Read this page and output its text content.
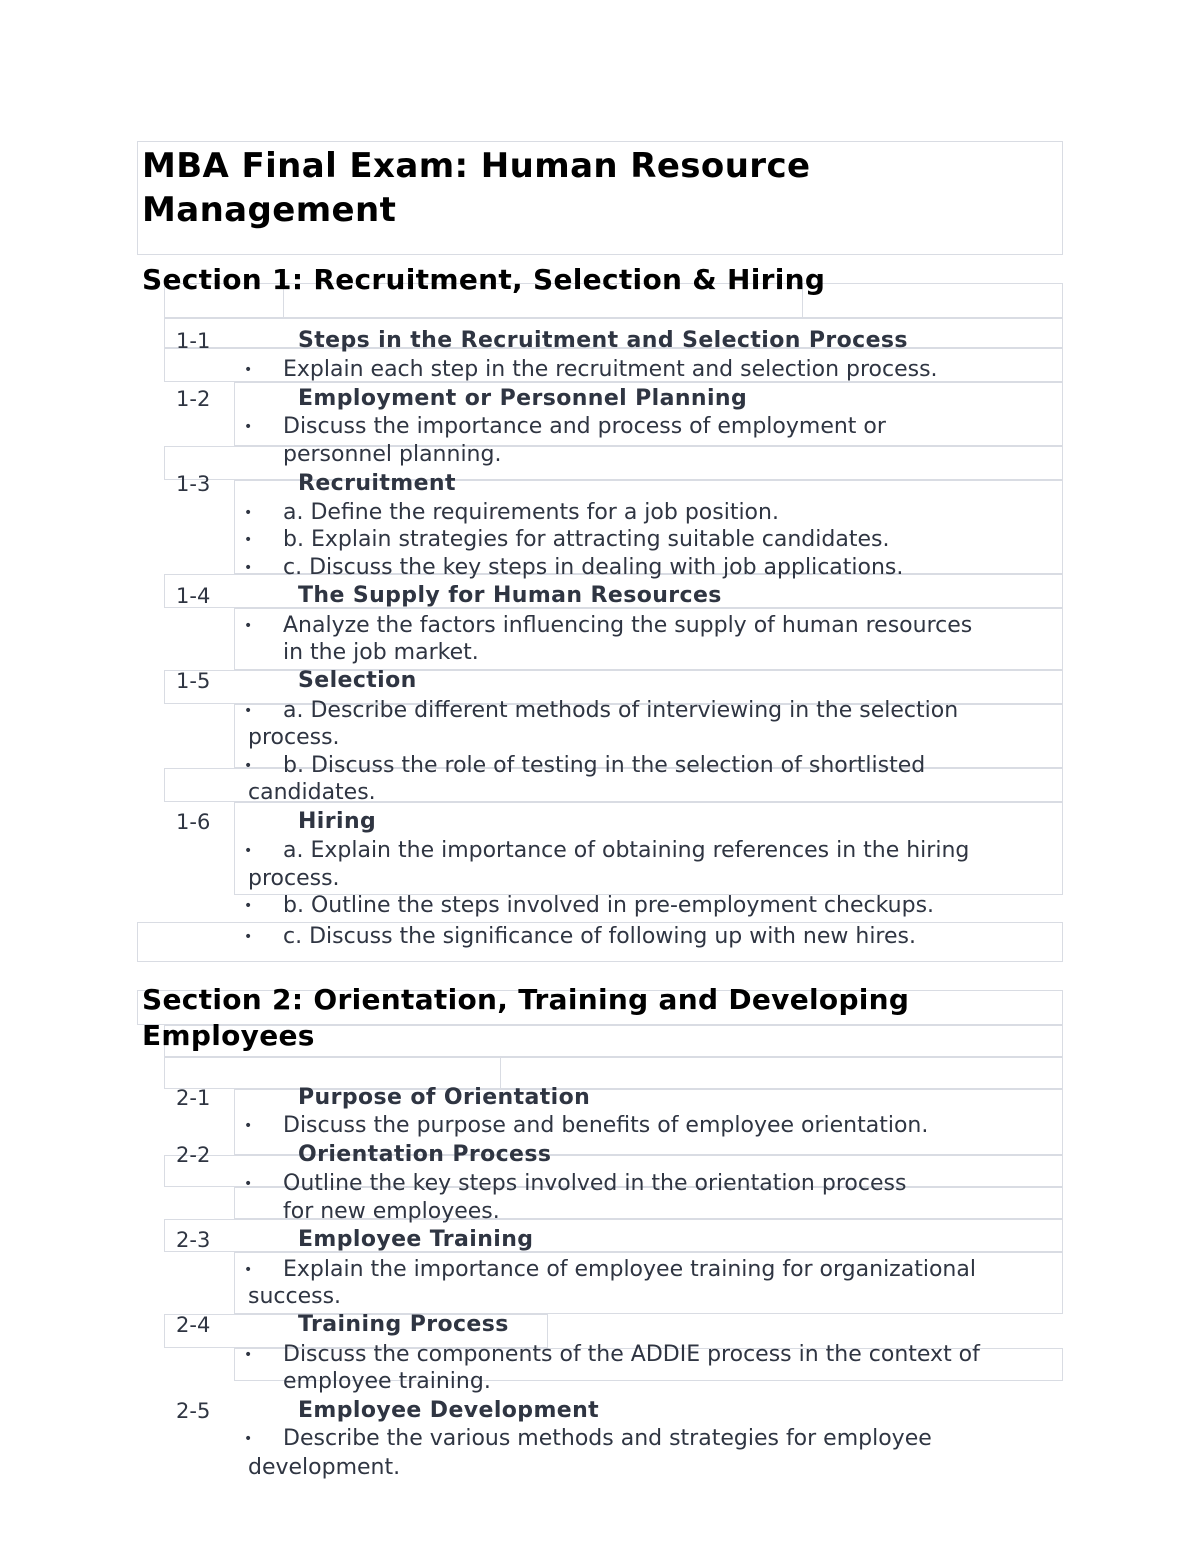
MBA Final Exam: Human Resource
Management
Section 1: Recruitment, Selection & Hiring
1-1	Steps in the Recruitment and Selection Process
• Explain each step in the recruitment and selection process.
1-2	Employment or Personnel Planning
• Discuss the importance and process of employment or
personnel planning.
1-3	Recruitment
• a. Define the requirements for a job position.
• b. Explain strategies for attracting suitable candidates.
• c. Discuss the key steps in dealing with job applications.
1-4	The Supply for Human Resources
• Analyze the factors influencing the supply of human resources
in the job market.
1-5	Selection
• a. Describe different methods of interviewing in the selection
process.
• b. Discuss the role of testing in the selection of shortlisted
candidates.
1-6	Hiring
• a. Explain the importance of obtaining references in the hiring
process.
• b. Outline the steps involved in pre-employment checkups.
• c. Discuss the significance of following up with new hires.
Section 2: Orientation, Training and Developing
Employees
2-1	Purpose of Orientation
• Discuss the purpose and benefits of employee orientation.
2-2	Orientation Process
• Outline the key steps involved in the orientation process
for new employees.
2-3	Employee Training
• Explain the importance of employee training for organizational
success.
2-4	Training Process
• Discuss the components of the ADDIE process in the context of
employee training.
2-5	Employee Development
• Describe the various methods and strategies for employee
development.
